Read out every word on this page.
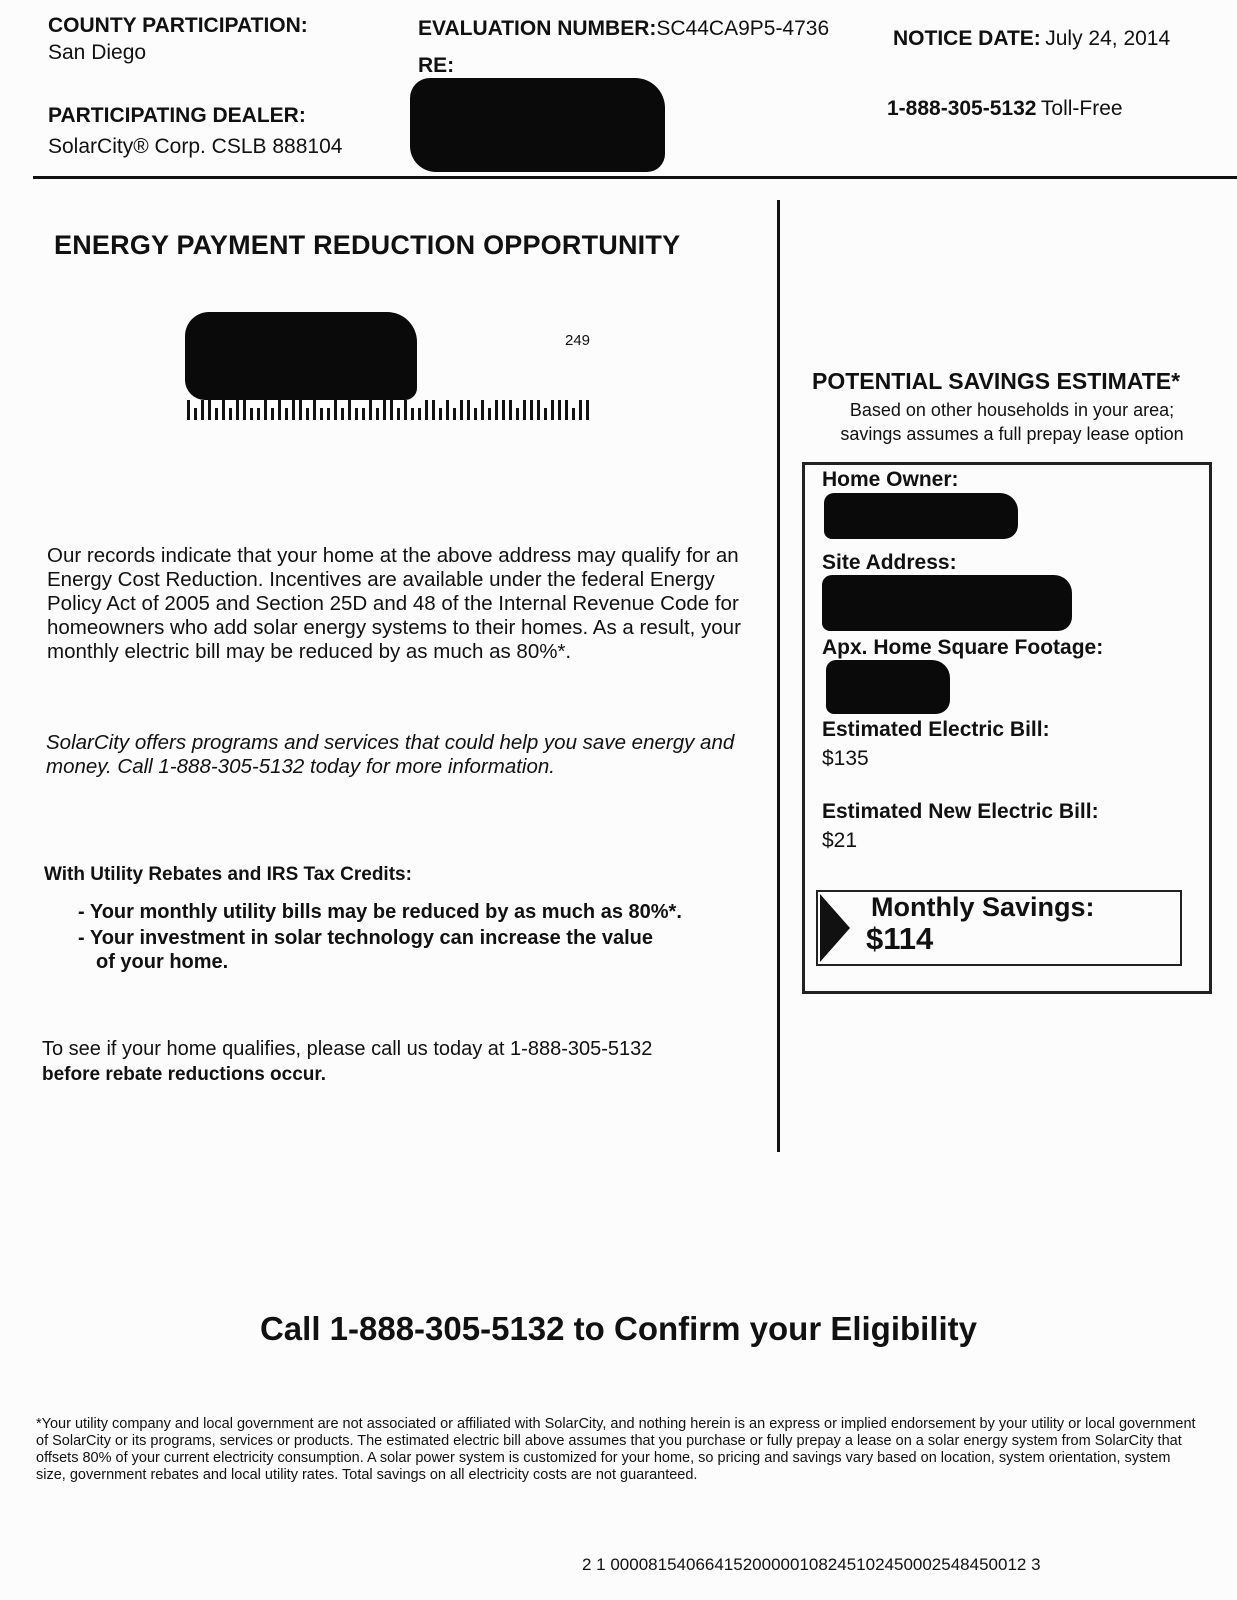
COUNTY PARTICIPATION:
San Diego
PARTICIPATING DEALER:
SolarCity® Corp. CSLB 888104
EVALUATION NUMBER:SC44CA9P5-4736
RE:
NOTICE DATE: July 24, 2014
1-888-305-5132 Toll-Free
ENERGY PAYMENT REDUCTION OPPORTUNITY
249
Our records indicate that your home at the above address may qualify for an Energy Cost Reduction. Incentives are available under the federal Energy Policy Act of 2005 and Section 25D and 48 of the Internal Revenue Code for homeowners who add solar energy systems to their homes. As a result, your monthly electric bill may be reduced by as much as 80%*.
SolarCity offers programs and services that could help you save energy and money. Call 1-888-305-5132 today for more information.
With Utility Rebates and IRS Tax Credits:
- Your monthly utility bills may be reduced by as much as 80%*.
- Your investment in solar technology can increase the value
of your home.
To see if your home qualifies, please call us today at 1-888-305-5132
before rebate reductions occur.
POTENTIAL SAVINGS ESTIMATE*
Based on other households in your area;
savings assumes a full prepay lease option
Home Owner:
Site Address:
Apx. Home Square Footage:
Estimated Electric Bill:
$135
Estimated New Electric Bill:
$21
Monthly Savings:
$114
Call 1-888-305-5132 to Confirm your Eligibility
*Your utility company and local government are not associated or affiliated with SolarCity, and nothing herein is an express or implied endorsement by your utility or local government of SolarCity or its programs, services or products. The estimated electric bill above assumes that you purchase or fully prepay a lease on a solar energy system from SolarCity that offsets 80% of your current electricity consumption. A solar power system is customized for your home, so pricing and savings vary based on location, system orientation, system size, government rebates and local utility rates. Total savings on all electricity costs are not guaranteed.
2 1 00008154066415200000108245102450002548450012 3
